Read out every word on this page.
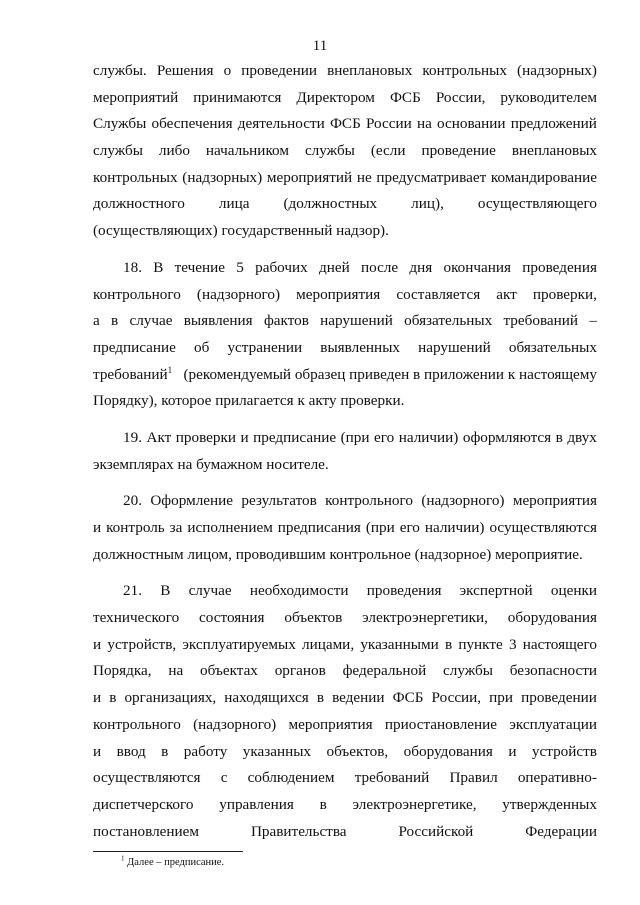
11
службы. Решения о проведении внеплановых контрольных (надзорных)
мероприятий принимаются Директором ФСБ России, руководителем
Службы обеспечения деятельности ФСБ России на основании предложений
службы либо начальником службы (если проведение внеплановых
контрольных (надзорных) мероприятий не предусматривает командирование
должностного лица (должностных лиц), осуществляющего
(осуществляющих) государственный надзор).
18. В течение 5 рабочих дней после дня окончания проведения
контрольного (надзорного) мероприятия составляется акт проверки,
а в случае выявления фактов нарушений обязательных требований –
предписание об устранении выявленных нарушений обязательных
требований$^1$ (рекомендуемый образец приведен в приложении к настоящему
Порядку), которое прилагается к акту проверки.
19. Акт проверки и предписание (при его наличии) оформляются в двух
экземплярах на бумажном носителе.
20. Оформление результатов контрольного (надзорного) мероприятия
и контроль за исполнением предписания (при его наличии) осуществляются
должностным лицом, проводившим контрольное (надзорное) мероприятие.
21. В случае необходимости проведения экспертной оценки
технического состояния объектов электроэнергетики, оборудования
и устройств, эксплуатируемых лицами, указанными в пункте 3 настоящего
Порядка, на объектах органов федеральной службы безопасности
и в организациях, находящихся в ведении ФСБ России, при проведении
контрольного (надзорного) мероприятия приостановление эксплуатации
и ввод в работу указанных объектов, оборудования и устройств
осуществляются с соблюдением требований Правил оперативно-
диспетчерского управления в электроэнергетике, утвержденных
постановлением	Правительства	Российской	Федерации
$^1$ Далее – предписание.
